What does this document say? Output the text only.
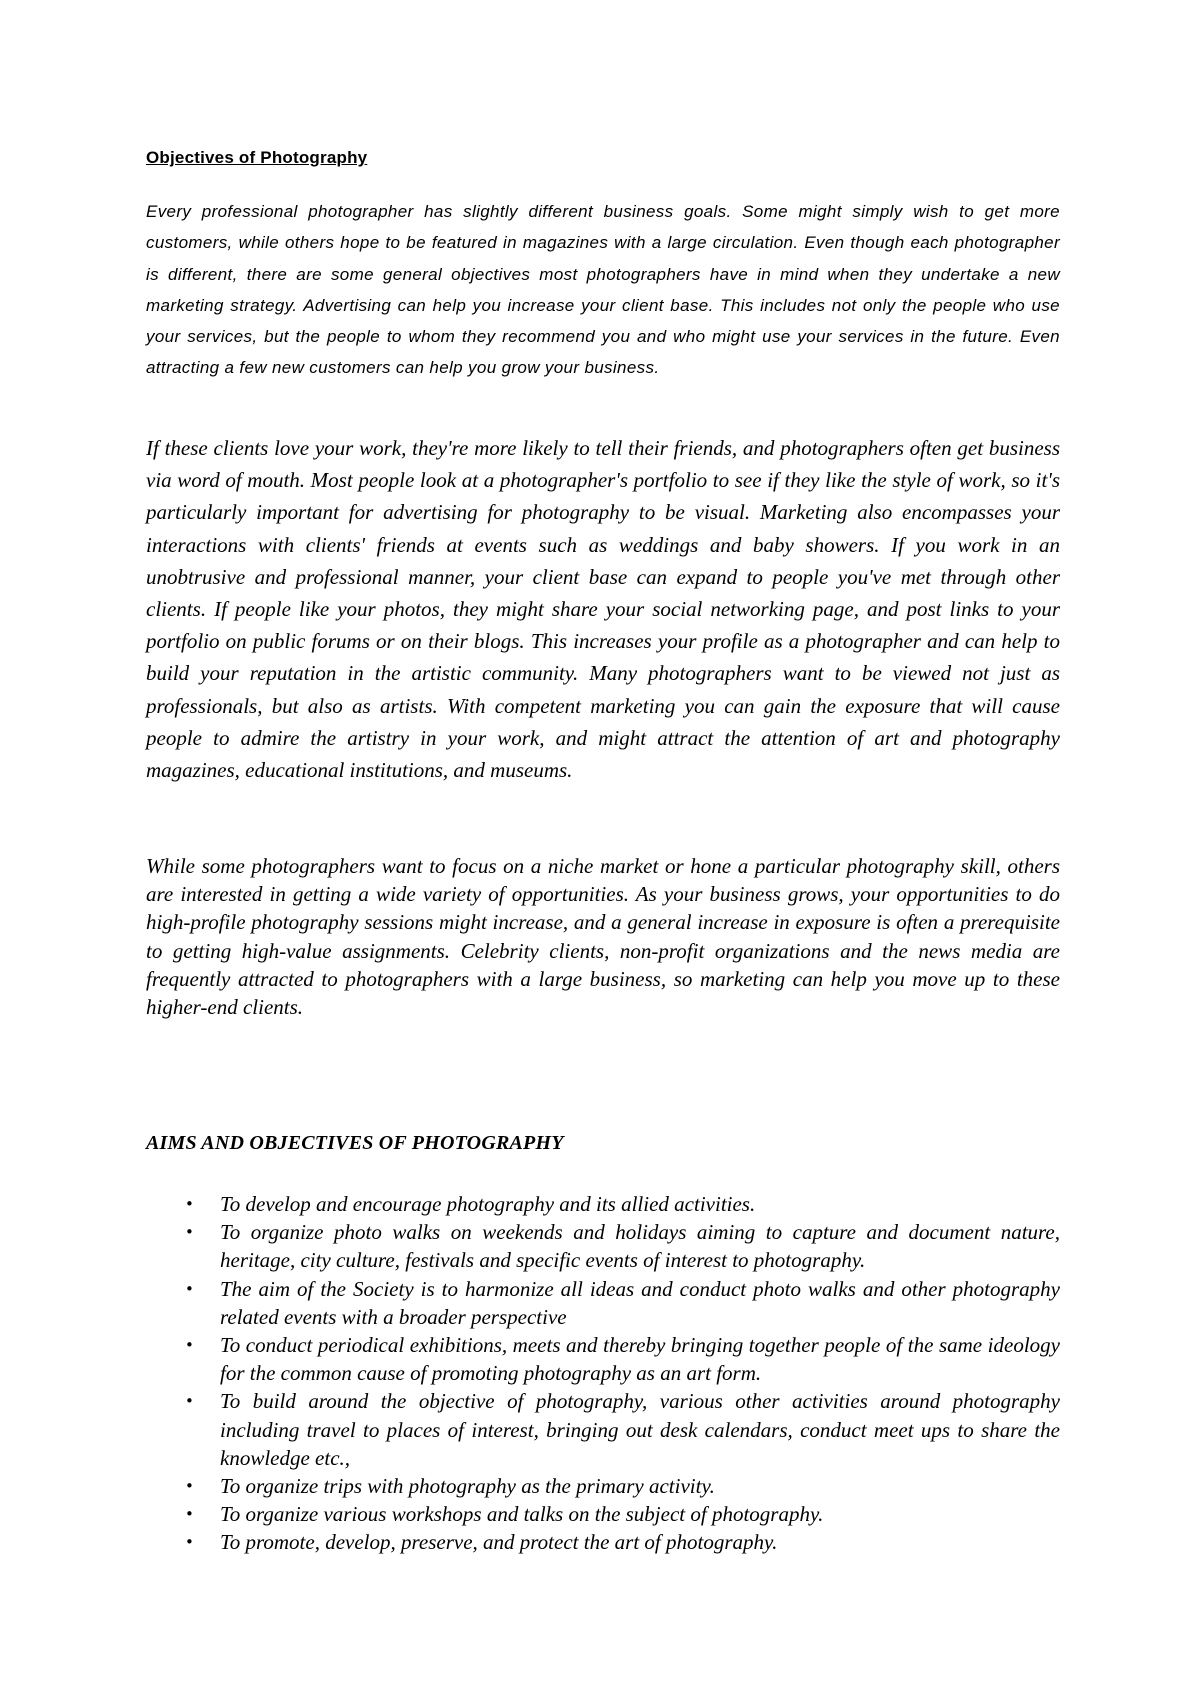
Objectives of Photography

Every professional photographer has slightly different business goals. Some might simply wish to get more customers, while others hope to be featured in magazines with a large circulation. Even though each photographer is different, there are some general objectives most photographers have in mind when they undertake a new marketing strategy. Advertising can help you increase your client base. This includes not only the people who use your services, but the people to whom they recommend you and who might use your services in the future. Even attracting a few new customers can help you grow your business.

If these clients love your work, they're more likely to tell their friends, and photographers often get business via word of mouth. Most people look at a photographer's portfolio to see if they like the style of work, so it's particularly important for advertising for photography to be visual. Marketing also encompasses your interactions with clients' friends at events such as weddings and baby showers. If you work in an unobtrusive and professional manner, your client base can expand to people you've met through other clients. If people like your photos, they might share your social networking page, and post links to your portfolio on public forums or on their blogs. This increases your profile as a photographer and can help to build your reputation in the artistic community. Many photographers want to be viewed not just as professionals, but also as artists. With competent marketing you can gain the exposure that will cause people to admire the artistry in your work, and might attract the attention of art and photography magazines, educational institutions, and museums.

While some photographers want to focus on a niche market or hone a particular photography skill, others are interested in getting a wide variety of opportunities. As your business grows, your opportunities to do high-profile photography sessions might increase, and a general increase in exposure is often a prerequisite to getting high-value assignments. Celebrity clients, non-profit organizations and the news media are frequently attracted to photographers with a large business, so marketing can help you move up to these higher-end clients.

AIMS AND OBJECTIVES OF PHOTOGRAPHY
• To develop and encourage photography and its allied activities.
• To organize photo walks on weekends and holidays aiming to capture and document nature, heritage, city culture, festivals and specific events of interest to photography.
• The aim of the Society is to harmonize all ideas and conduct photo walks and other photography related events with a broader perspective
• To conduct periodical exhibitions, meets and thereby bringing together people of the same ideology for the common cause of promoting photography as an art form.
• To build around the objective of photography, various other activities around photography including travel to places of interest, bringing out desk calendars, conduct meet ups to share the knowledge etc.,
• To organize trips with photography as the primary activity.
• To organize various workshops and talks on the subject of photography.
• To promote, develop, preserve, and protect the art of photography.
